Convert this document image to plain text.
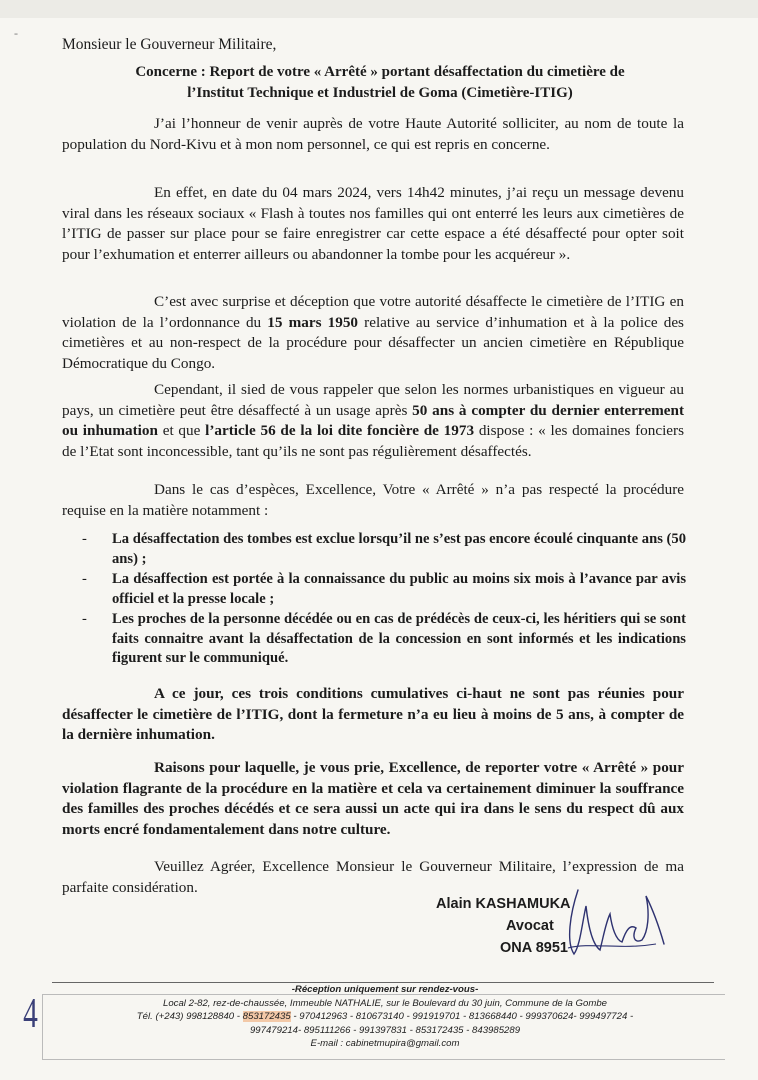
-
Monsieur le Gouverneur Militaire,
Concerne : Report de votre « Arrêté » portant désaffectation du cimetière de
l’Institut Technique et Industriel de Goma (Cimetière-ITIG)

J’ai l’honneur de venir auprès de votre Haute Autorité solliciter, au nom de toute la population du Nord-Kivu et à mon nom personnel, ce qui est repris en concerne.

En effet, en date du 04 mars 2024, vers 14h42 minutes, j’ai reçu un message devenu viral dans les réseaux sociaux « Flash à toutes nos familles qui ont enterré les leurs aux cimetières de l’ITIG de passer sur place pour se faire enregistrer car cette espace a été désaffecté pour opter soit pour l’exhumation et enterrer ailleurs ou abandonner la tombe pour les acquéreur ».

C’est avec surprise et déception que votre autorité désaffecte le cimetière de l’ITIG en violation de la l’ordonnance du 15 mars 1950 relative au service d’inhumation et à la police des cimetières et au non-respect de la procédure pour désaffecter un ancien cimetière en République Démocratique du Congo.

Cependant, il sied de vous rappeler que selon les normes urbanistiques en vigueur au pays, un cimetière peut être désaffecté à un usage après 50 ans à compter du dernier enterrement ou inhumation et que l’article 56 de la loi dite foncière de 1973 dispose : « les domaines fonciers de l’Etat sont inconcessible, tant qu’ils ne sont pas régulièrement désaffectés.

Dans le cas d’espèces, Excellence, Votre « Arrêté » n’a pas respecté la procédure requise en la matière notamment :

- La désaffectation des tombes est exclue lorsqu’il ne s’est pas encore écoulé cinquante ans (50 ans) ;
- La désaffection est portée à la connaissance du public au moins six mois à l’avance par avis officiel et la presse locale ;
- Les proches de la personne décédée ou en cas de prédécès de ceux-ci, les héritiers qui se sont faits connaitre avant la désaffectation de la concession en sont informés et les indications figurent sur le communiqué.

A ce jour, ces trois conditions cumulatives ci-haut ne sont pas réunies pour désaffecter le cimetière de l’ITIG, dont la fermeture n’a eu lieu à moins de 5 ans, à compter de la dernière inhumation.

Raisons pour laquelle, je vous prie, Excellence, de reporter votre « Arrêté » pour violation flagrante de la procédure en la matière et cela va certainement diminuer la souffrance des familles des proches décédés et ce sera aussi un acte qui ira dans le sens du respect dû aux morts encré fondamentalement dans notre culture.

Veuillez Agréer, Excellence Monsieur le Gouverneur Militaire, l’expression de ma parfaite considération.

Alain KASHAMUKA
Avocat
ONA 8951
4
-Réception uniquement sur rendez-vous-
Local 2-82, rez-de-chaussée, Immeuble NATHALIE, sur le Boulevard du 30 juin, Commune de la Gombe
Tél. (+243) 998128840 - 853172435 - 970412963 - 810673140 - 991919701 - 813668440 - 999370624- 999497724 -
997479214- 895111266 - 991397831 - 853172435 - 843985289
E-mail : cabinetmupira@gmail.com
